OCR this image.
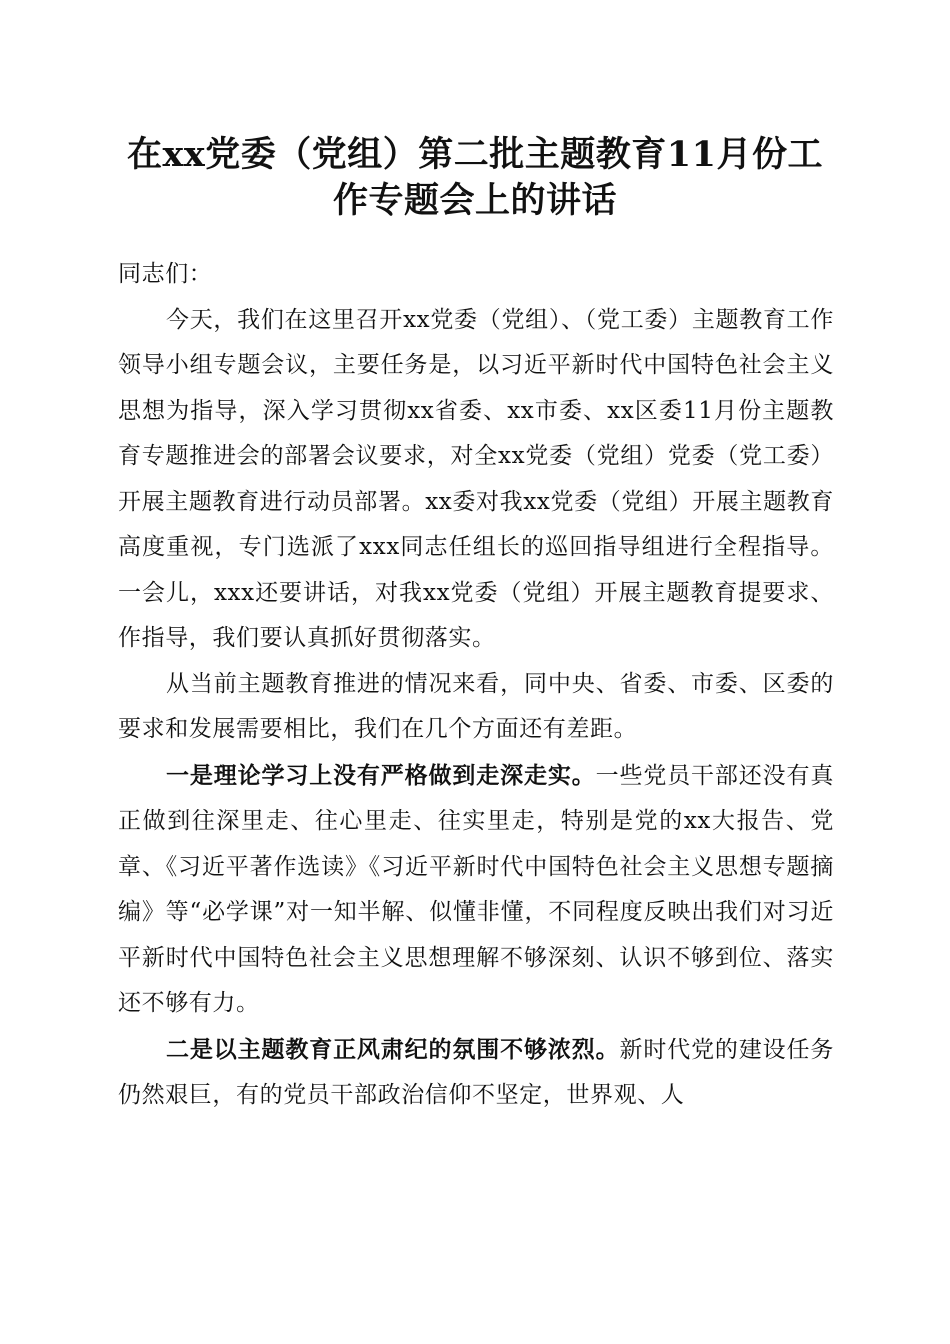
在xx党委（党组）第二批主题教育11月份工
作专题会上的讲话

同志们：

今天，我们在这里召开xx党委（党组）、（党工委）主题教育工作领导小组专题会议，主要任务是，以习近平新时代中国特色社会主义思想为指导，深入学习贯彻xx省委、xx市委、xx区委11月份主题教育专题推进会的部署会议要求，对全xx党委（党组）党委（党工委）开展主题教育进行动员部署。xx委对我xx党委（党组）开展主题教育高度重视，专门选派了xxx同志任组长的巡回指导组进行全程指导。一会儿，xxx还要讲话，对我xx党委（党组）开展主题教育提要求、作指导，我们要认真抓好贯彻落实。

从当前主题教育推进的情况来看，同中央、省委、市委、区委的要求和发展需要相比，我们在几个方面还有差距。

一是理论学习上没有严格做到走深走实。一些党员干部还没有真正做到往深里走、往心里走、往实里走，特别是党的xx大报告、党章、《习近平著作选读》《习近平新时代中国特色社会主义思想专题摘编》等“必学课”对一知半解、似懂非懂，不同程度反映出我们对习近平新时代中国特色社会主义思想理解不够深刻、认识不够到位、落实还不够有力。

二是以主题教育正风肃纪的氛围不够浓烈。新时代党的建设任务仍然艰巨，有的党员干部政治信仰不坚定，世界观、人
